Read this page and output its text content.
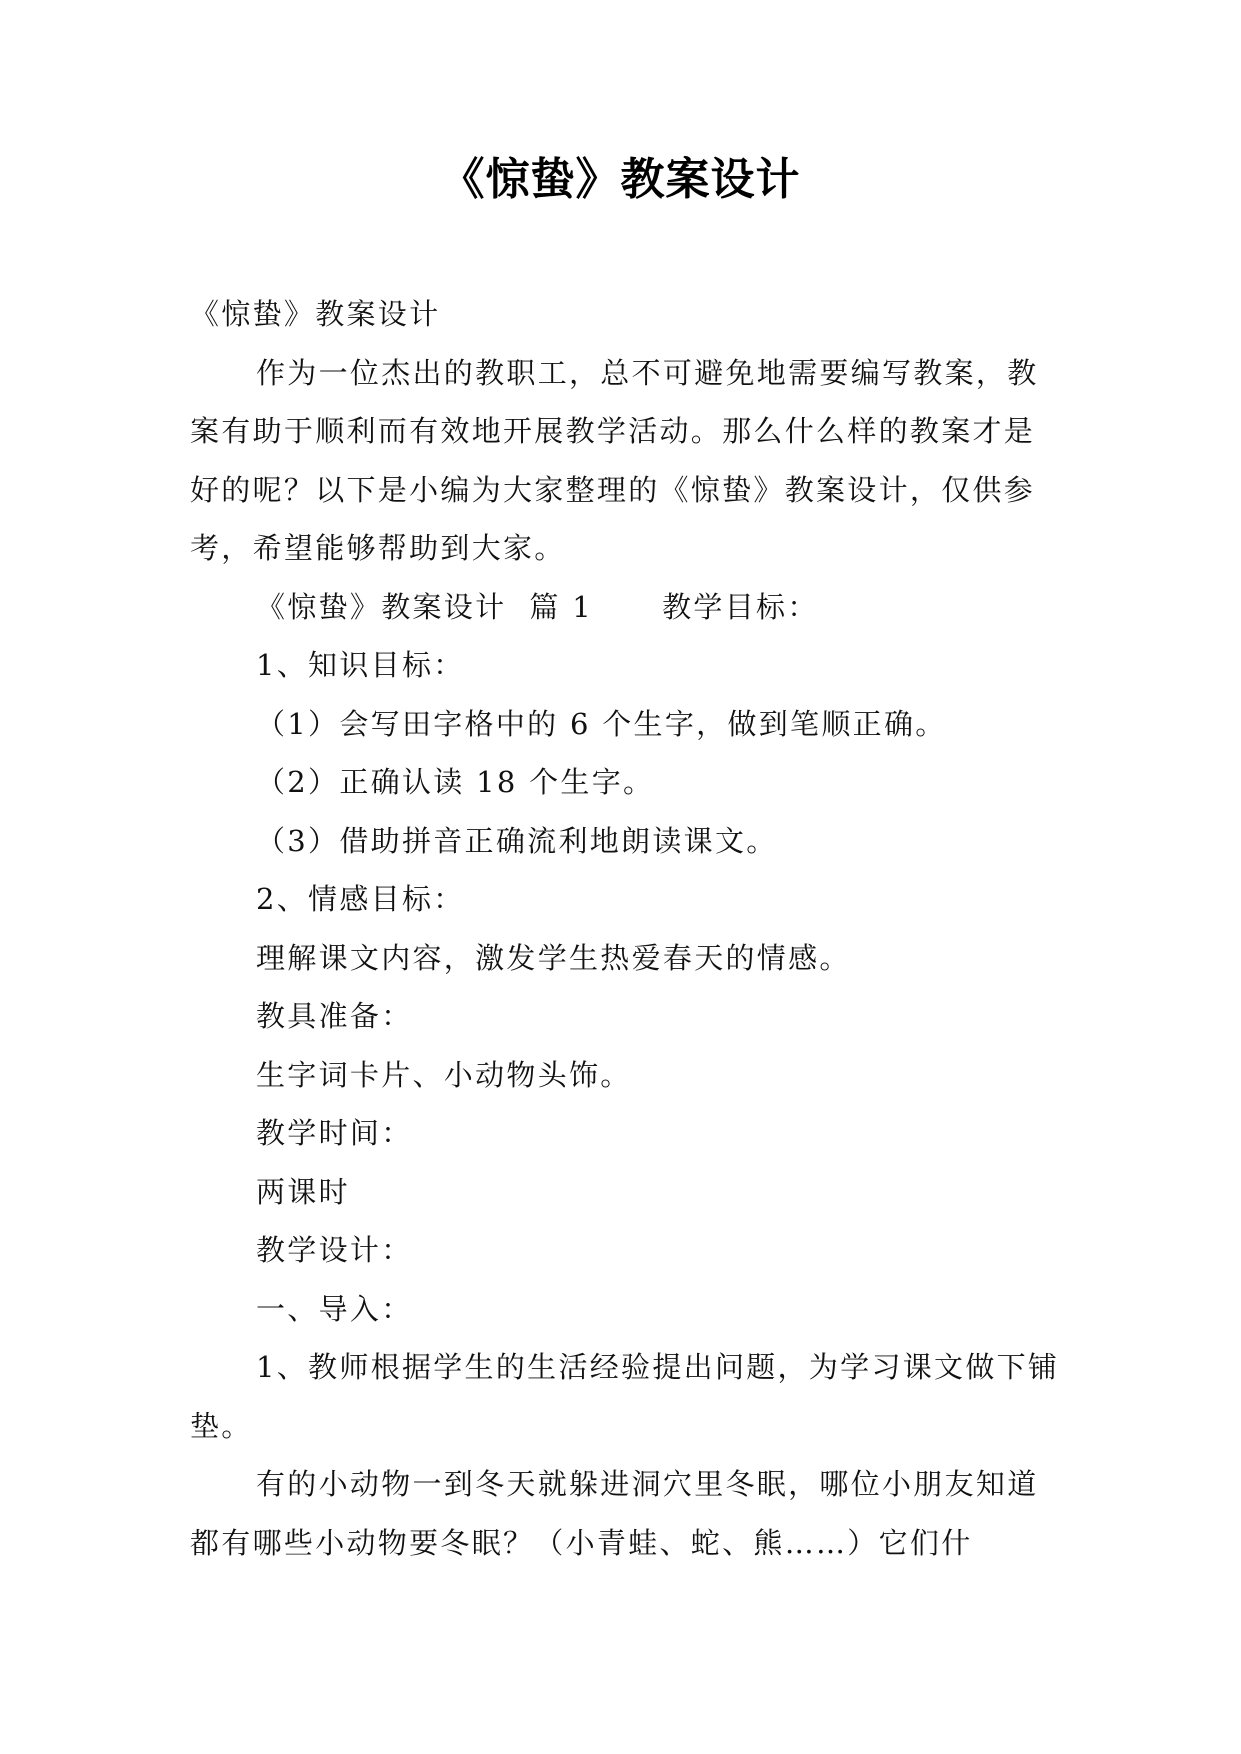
《惊蛰》教案设计

《惊蛰》教案设计

作为一位杰出的教职工，总不可避免地需要编写教案，教案有助于顺利而有效地开展教学活动。那么什么样的教案才是好的呢？以下是小编为大家整理的《惊蛰》教案设计，仅供参考，希望能够帮助到大家。

《惊蛰》教案设计  篇 1      教学目标：

1、知识目标：

（1）会写田字格中的 6 个生字，做到笔顺正确。

（2）正确认读 18 个生字。

（3）借助拼音正确流利地朗读课文。

2、情感目标：

理解课文内容，激发学生热爱春天的情感。

教具准备：

生字词卡片、小动物头饰。

教学时间：

两课时

教学设计：

一、导入：

1、教师根据学生的生活经验提出问题，为学习课文做下铺垫。

有的小动物一到冬天就躲进洞穴里冬眠，哪位小朋友知道都有哪些小动物要冬眠？（小青蛙、蛇、熊……）它们什
